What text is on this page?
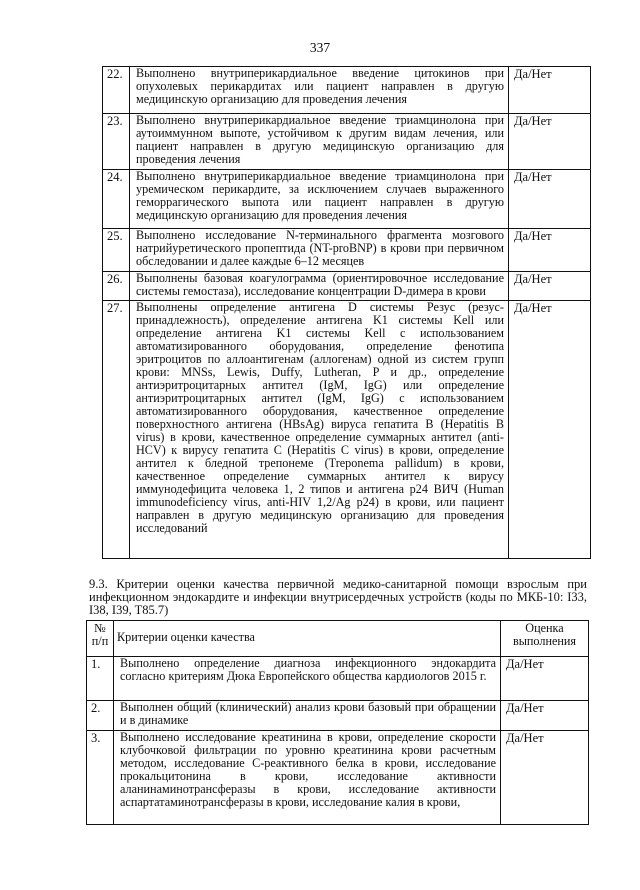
337
22.	Выполнено внутриперикардиальное введение цитокинов при опухолевых перикардитах или пациент направлен в другую медицинскую организацию для проведения лечения	Да/Нет
23.	Выполнено внутриперикардиальное введение триамцинолона при аутоиммунном выпоте, устойчивом к другим видам лечения, или пациент направлен в другую медицинскую организацию для проведения лечения	Да/Нет
24.	Выполнено внутриперикардиальное введение триамцинолона при уремическом перикардите, за исключением случаев выраженного геморрагического выпота или пациент направлен в другую медицинскую организацию для проведения лечения	Да/Нет
25.	Выполнено исследование N-терминального фрагмента мозгового натрийуретического пропептида (NT-proBNP) в крови при первичном обследовании и далее каждые 6–12 месяцев	Да/Нет
26.	Выполнены базовая коагулограмма (ориентировочное исследование системы гемостаза), исследование концентрации D-димера в крови	Да/Нет
27.	Выполнены определение антигена D системы Резус (резус-принадлежность), определение антигена K1 системы Kell или определение антигена K1 системы Kell с использованием автоматизированного оборудования, определение фенотипа эритроцитов по аллоантигенам (аллогенам) одной из систем групп крови: MNSs, Lewis, Duffy, Lutheran, P и др., определение антиэритроцитарных антител (IgM, IgG) или определение антиэритроцитарных антител (IgM, IgG) с использованием автоматизированного оборудования, качественное определение поверхностного антигена (HBsAg) вируса гепатита B (Hepatitis B virus) в крови, качественное определение суммарных антител (anti-HCV) к вирусу гепатита C (Hepatitis C virus) в крови, определение антител к бледной трепонеме (Treponema pallidum) в крови, качественное определение суммарных антител к вирусу иммунодефицита человека 1, 2 типов и антигена p24 ВИЧ (Human immunodeficiency virus, anti-HIV 1,2/Ag p24) в крови, или пациент направлен в другую медицинскую организацию для проведения исследований	Да/Нет
9.3. Критерии оценки качества первичной медико-санитарной помощи взрослым при инфекционном эндокардите и инфекции внутрисердечных устройств (коды по МКБ-10: I33, I38, I39, T85.7)
№ п/п	Критерии оценки качества	Оценка выполнения
1.	Выполнено определение диагноза инфекционного эндокардита согласно критериям Дюка Европейского общества кардиологов 2015 г.	Да/Нет
2.	Выполнен общий (клинический) анализ крови базовый при обращении и в динамике	Да/Нет
3.	Выполнено исследование креатинина в крови, определение скорости клубочковой фильтрации по уровню креатинина крови расчетным методом, исследование C-реактивного белка в крови, исследование прокальцитонина в крови, исследование активности аланинаминотрансферазы в крови, исследование активности аспартатаминотрансферазы в крови, исследование калия в крови,	Да/Нет
